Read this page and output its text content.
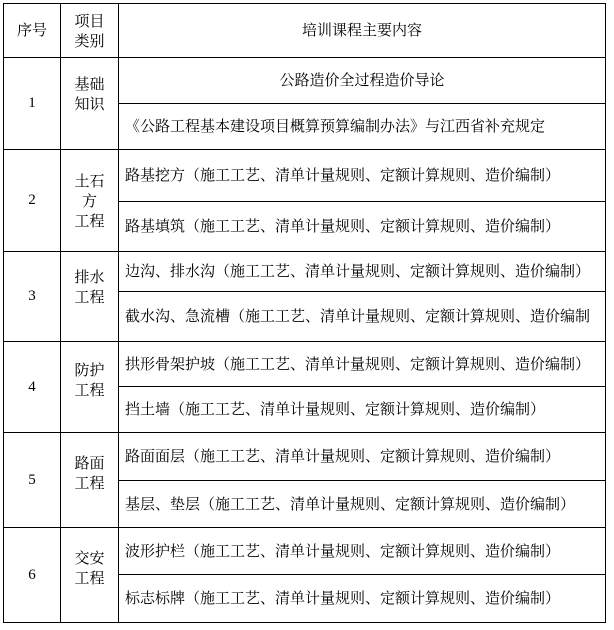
序号
项目
类别
培训课程主要内容
1
基础
知识
公路造价全过程造价导论
《公路工程基本建设项目概算预算编制办法》与江西省补充规定
2
土石
方
工程
路基挖方（施工工艺、清单计量规则、定额计算规则、造价编制）
路基填筑（施工工艺、清单计量规则、定额计算规则、造价编制）
3
排水
工程
边沟、排水沟（施工工艺、清单计量规则、定额计算规则、造价编制）
截水沟、急流槽（施工工艺、清单计量规则、定额计算规则、造价编制
4
防护
工程
拱形骨架护坡（施工工艺、清单计量规则、定额计算规则、造价编制）
挡土墙（施工工艺、清单计量规则、定额计算规则、造价编制）
5
路面
工程
路面面层（施工工艺、清单计量规则、定额计算规则、造价编制）
基层、垫层（施工工艺、清单计量规则、定额计算规则、造价编制）
6
交安
工程
波形护栏（施工工艺、清单计量规则、定额计算规则、造价编制）
标志标牌（施工工艺、清单计量规则、定额计算规则、造价编制）
